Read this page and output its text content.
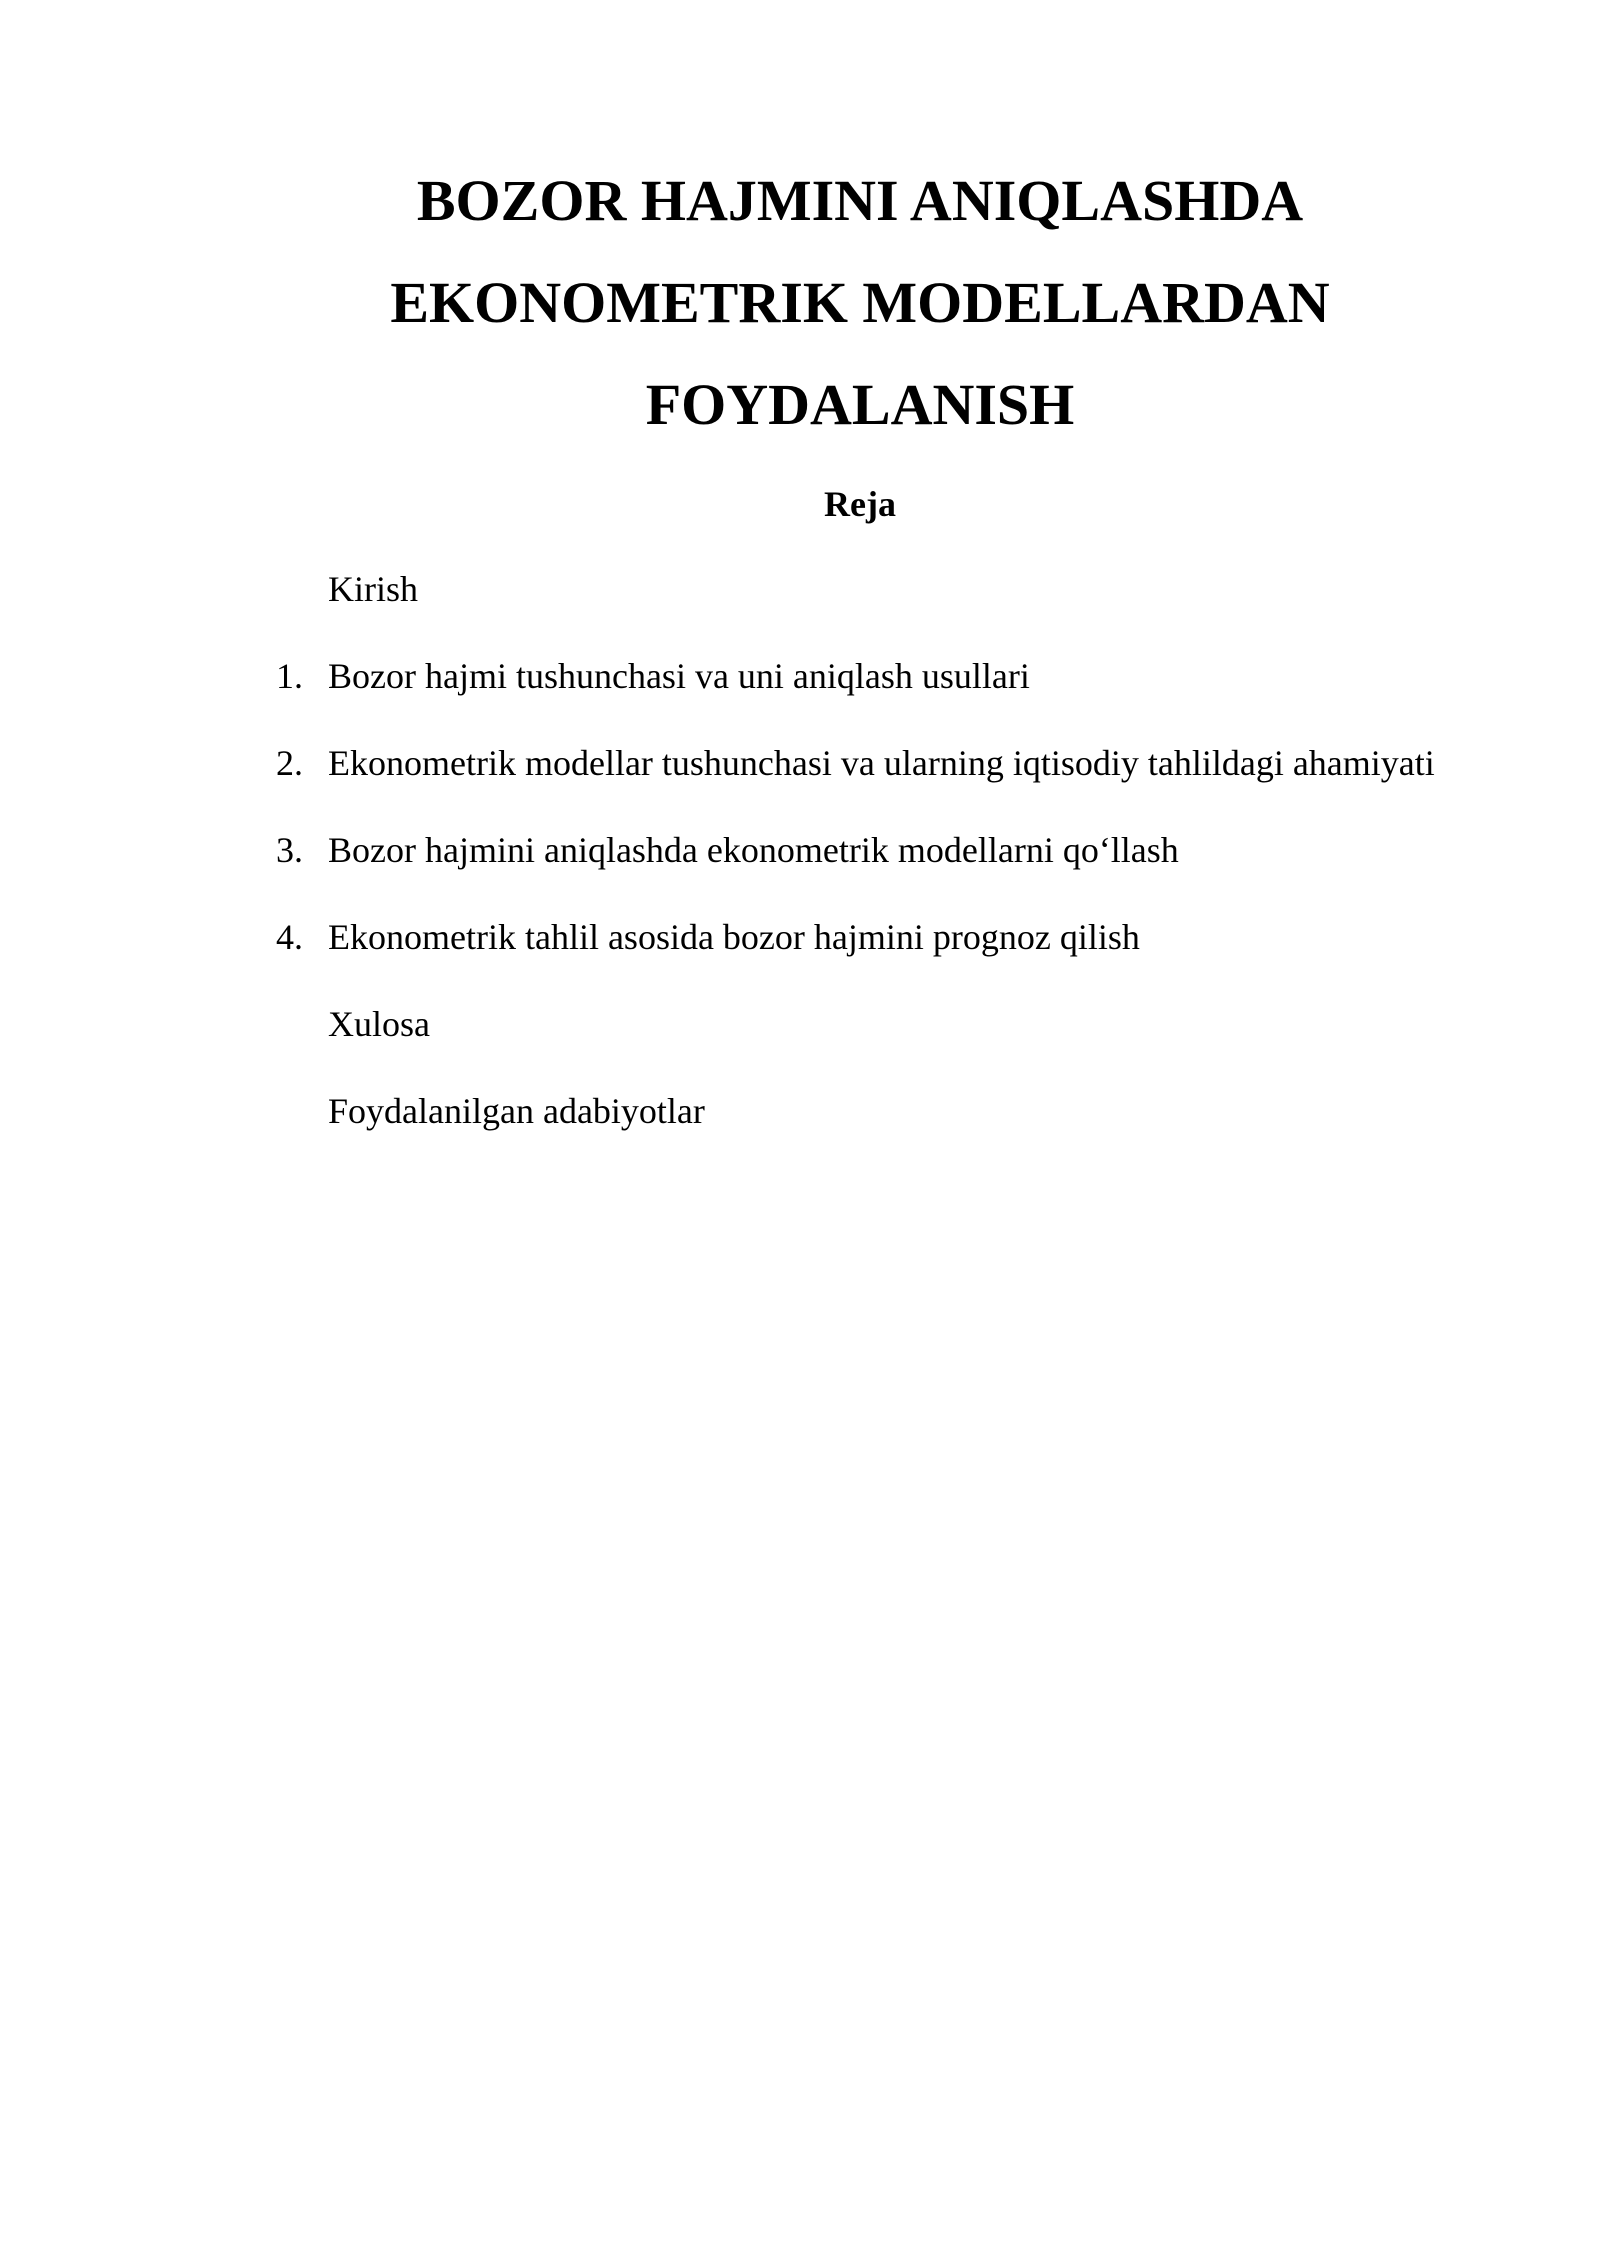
BOZOR HAJMINI ANIQLASHDA
EKONOMETRIK MODELLARDAN
FOYDALANISH
Reja
Kirish
1. Bozor hajmi tushunchasi va uni aniqlash usullari
2. Ekonometrik modellar tushunchasi va ularning iqtisodiy tahlildagi ahamiyati
3. Bozor hajmini aniqlashda ekonometrik modellarni qo‘llash
4. Ekonometrik tahlil asosida bozor hajmini prognoz qilish
Xulosa
Foydalanilgan adabiyotlar
